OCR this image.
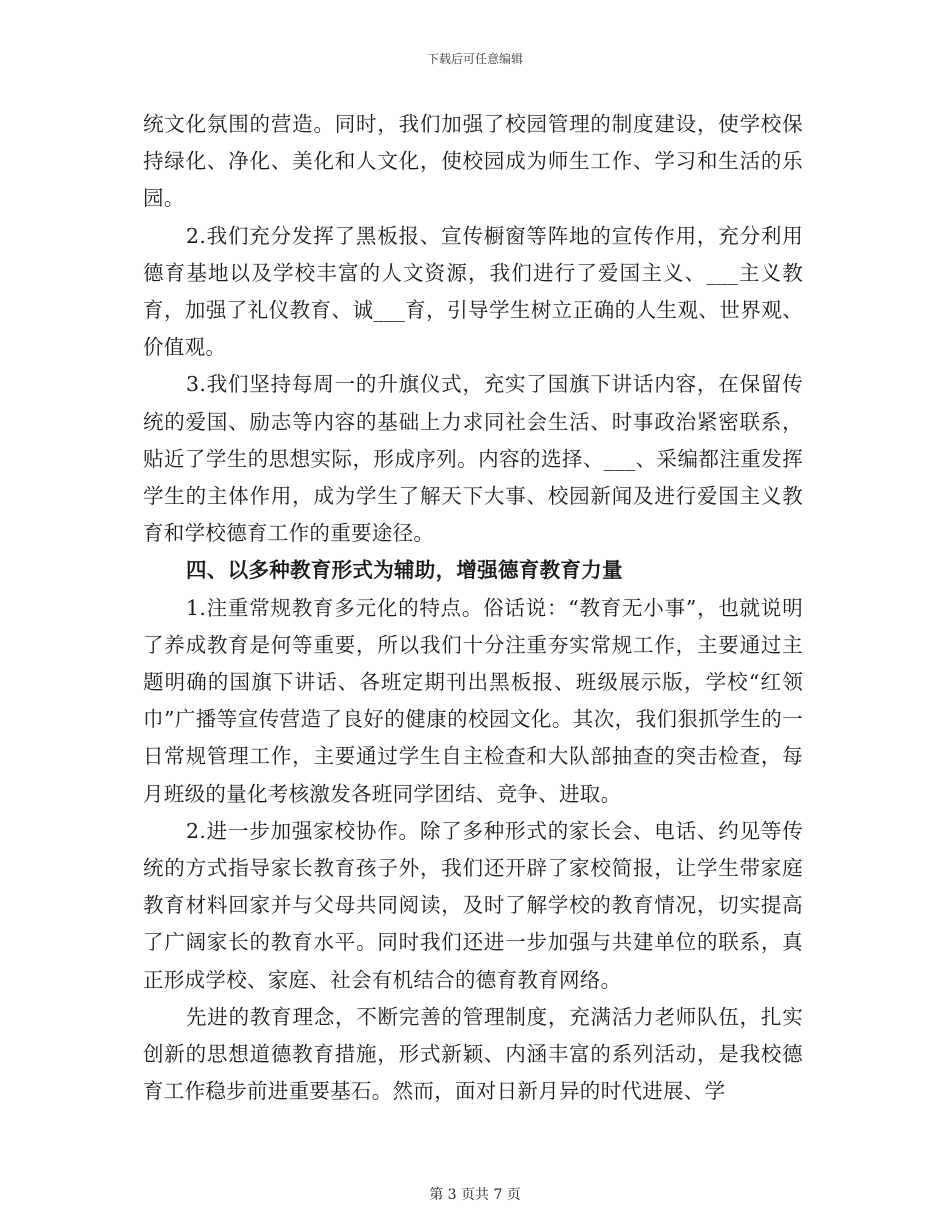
下载后可任意编辑

统文化氛围的营造。同时，我们加强了校园管理的制度建设，使学校保持绿化、净化、美化和人文化，使校园成为师生工作、学习和生活的乐园。

2.我们充分发挥了黑板报、宣传橱窗等阵地的宣传作用，充分利用德育基地以及学校丰富的人文资源，我们进行了爱国主义、___主义教育，加强了礼仪教育、诚___育，引导学生树立正确的人生观、世界观、价值观。

3.我们坚持每周一的升旗仪式，充实了国旗下讲话内容，在保留传统的爱国、励志等内容的基础上力求同社会生活、时事政治紧密联系，贴近了学生的思想实际，形成序列。内容的选择、___、采编都注重发挥学生的主体作用，成为学生了解天下大事、校园新闻及进行爱国主义教育和学校德育工作的重要途径。

四、以多种教育形式为辅助，增强德育教育力量

1.注重常规教育多元化的特点。俗话说：“教育无小事”，也就说明了养成教育是何等重要，所以我们十分注重夯实常规工作，主要通过主题明确的国旗下讲话、各班定期刊出黑板报、班级展示版，学校“红领巾”广播等宣传营造了良好的健康的校园文化。其次，我们狠抓学生的一日常规管理工作，主要通过学生自主检查和大队部抽查的突击检查，每月班级的量化考核激发各班同学团结、竞争、进取。

2.进一步加强家校协作。除了多种形式的家长会、电话、约见等传统的方式指导家长教育孩子外，我们还开辟了家校简报，让学生带家庭教育材料回家并与父母共同阅读，及时了解学校的教育情况，切实提高了广阔家长的教育水平。同时我们还进一步加强与共建单位的联系，真正形成学校、家庭、社会有机结合的德育教育网络。

先进的教育理念，不断完善的管理制度，充满活力老师队伍，扎实创新的思想道德教育措施，形式新颖、内涵丰富的系列活动，是我校德育工作稳步前进重要基石。然而，面对日新月异的时代进展、学

第 3 页共 7 页
